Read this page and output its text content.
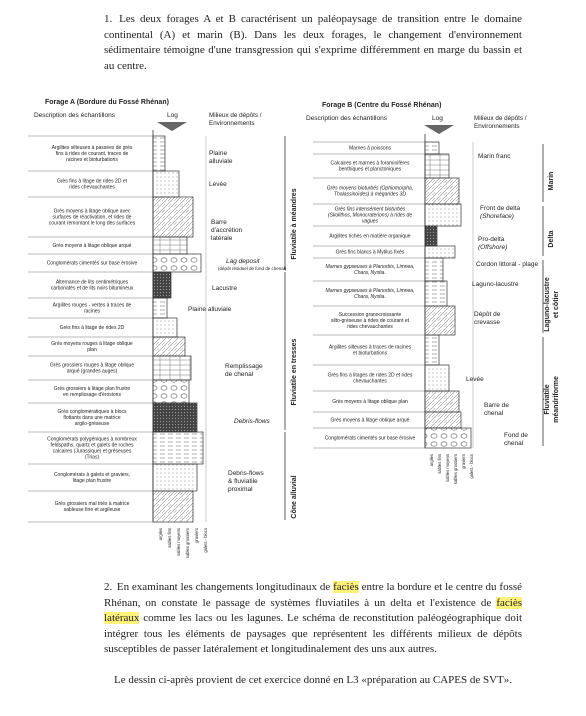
1. Les deux forages A et B caractérisent un paléopaysage de transition entre le domaine continental (A) et marin (B). Dans les deux forages, le changement d'environnement sédimentaire témoigne d'une transgression qui s'exprime différemment en marge du bassin et au centre.
Forage A (Bordure du Fossé Rhénan)
Description des échantillons	Log	Milieux de dépôts /
Environnements
Argilites silteuses à passées de grès
fins à rides de courant, traces de
racines et bioturbations
Grès fins à litage de rides 2D et
rides chevauchantes
Grès moyens à litage oblique avec
surfaces de réactivation, et rides de
courant remontant le long des surfaces
Grès moyens à litage oblique arqué
Conglomérats cimentés sur base érosive
Alternance de lits centimétriques
carbonatés et de lits noirs bitumineux
Argilites rouges - vertes à traces de
racines
Grès fins à litage de rides 2D
Grès moyens rouges à litage oblique
plan
Grès grossiers rouges à litage oblique
arqué (grandes auges)
Grès grossiers à litage plan frustre
en remplissage d'érosions
Grès conglomératiques à blocs
flottants dans une matrice
argilo-gréseuse
Conglomérats polygéniques à nombreux
feldspaths, quartz et galets de roches
calcaires (Jurassique) et gréseuses
(Trias)
Conglomérats à galets et graviers,
litage plan frustre
Grès grossiers mal triés à matrice
sableuse fine et argileuse
Plaine
alluviale
Levée
Barre
d'accrétion
latérale
Lag deposit
(dépôt résiduel de fond de chenal)
Lacustre
Plaine alluviale
Remplissage
de chenal
Debris-flows
Debris-flows
& fluviatile
proximal
Fluviatile à méandres
Fluviatile en tresses
Cône alluvial
argiles sables fins sables moyens sables grossiers graviers galets - blocs
Forage B (Centre du Fossé Rhénan)
Description des échantillons	Log	Milieux de dépôts /
Environnements
Marnes à poissons
Calcaires et marnes à foraminifères
benthiques et planctoniques
Grès moyens bioturbés (Ophiomorpha,
Thalassinoïdes) à mégarides 3D
Grès fins intensément bioturbés
(Skolithos, Monocraterions) à rides de
vagues
Argilites riches en matière organique
Grès fins blancs à Mytilus fixés
Marnes gypseuses à Planorbis, Limnea,
Chara, Nystia.
Marnes gypseuses à Planorbis, Limnea,
Chara, Nystia.
Succession granocroissante
silto-gréseuse à rides de courant et
rides chevauchantes
Argilites silteuses à traces de racines
et bioturbations
Grès fins à litages de rides 2D et rides
chevauchantes
Grès moyens à litage oblique plan
Grès moyens à litage oblique arqué
Conglomérats cimentés sur base érosive
Marin franc
Front de delta
(Shoreface)
Pro-delta
(Offshore)
Cordon littoral - plage
Laguno-lacustre
Dépôt de
crevasse
Levée
Barre de
chenal
Fond de
chenal
Marin
Delta
Laguno-lacustre et côtier
Fluviatile méandriforme
argiles sables fins sables moyens sables grossiers graviers galets - blocs
2. En examinant les changements longitudinaux de faciès entre la bordure et le centre du fossé Rhénan, on constate le passage de systèmes fluviatiles à un delta et l'existence de faciès latéraux comme les lacs ou les lagunes. Le schéma de reconstitution paléogéographique doit intégrer tous les éléments de paysages que représentent les différents milieux de dépôts susceptibles de passer latéralement et longitudinalement des uns aux autres.
Le dessin ci-après provient de cet exercice donné en L3 «préparation au CAPES de SVT».
